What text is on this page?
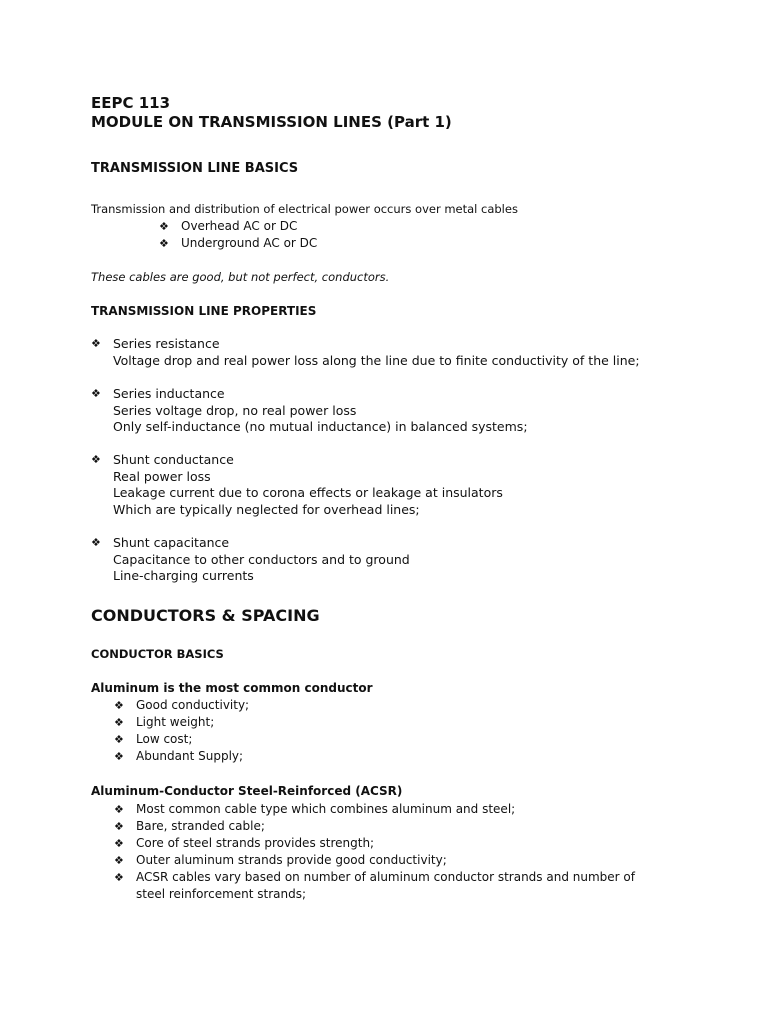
EEPC 113
MODULE ON TRANSMISSION LINES (Part 1)
TRANSMISSION LINE BASICS
Transmission and distribution of electrical power occurs over metal cables
❖ Overhead AC or DC
❖ Underground AC or DC
These cables are good, but not perfect, conductors.
TRANSMISSION LINE PROPERTIES
❖ Series resistance
Voltage drop and real power loss along the line due to finite conductivity of the line;
❖ Series inductance
Series voltage drop, no real power loss
Only self-inductance (no mutual inductance) in balanced systems;
❖ Shunt conductance
Real power loss
Leakage current due to corona effects or leakage at insulators
Which are typically neglected for overhead lines;
❖ Shunt capacitance
Capacitance to other conductors and to ground
Line-charging currents
CONDUCTORS & SPACING
CONDUCTOR BASICS
Aluminum is the most common conductor
❖ Good conductivity;
❖ Light weight;
❖ Low cost;
❖ Abundant Supply;
Aluminum-Conductor Steel-Reinforced (ACSR)
❖ Most common cable type which combines aluminum and steel;
❖ Bare, stranded cable;
❖ Core of steel strands provides strength;
❖ Outer aluminum strands provide good conductivity;
❖ ACSR cables vary based on number of aluminum conductor strands and number of steel reinforcement strands;
